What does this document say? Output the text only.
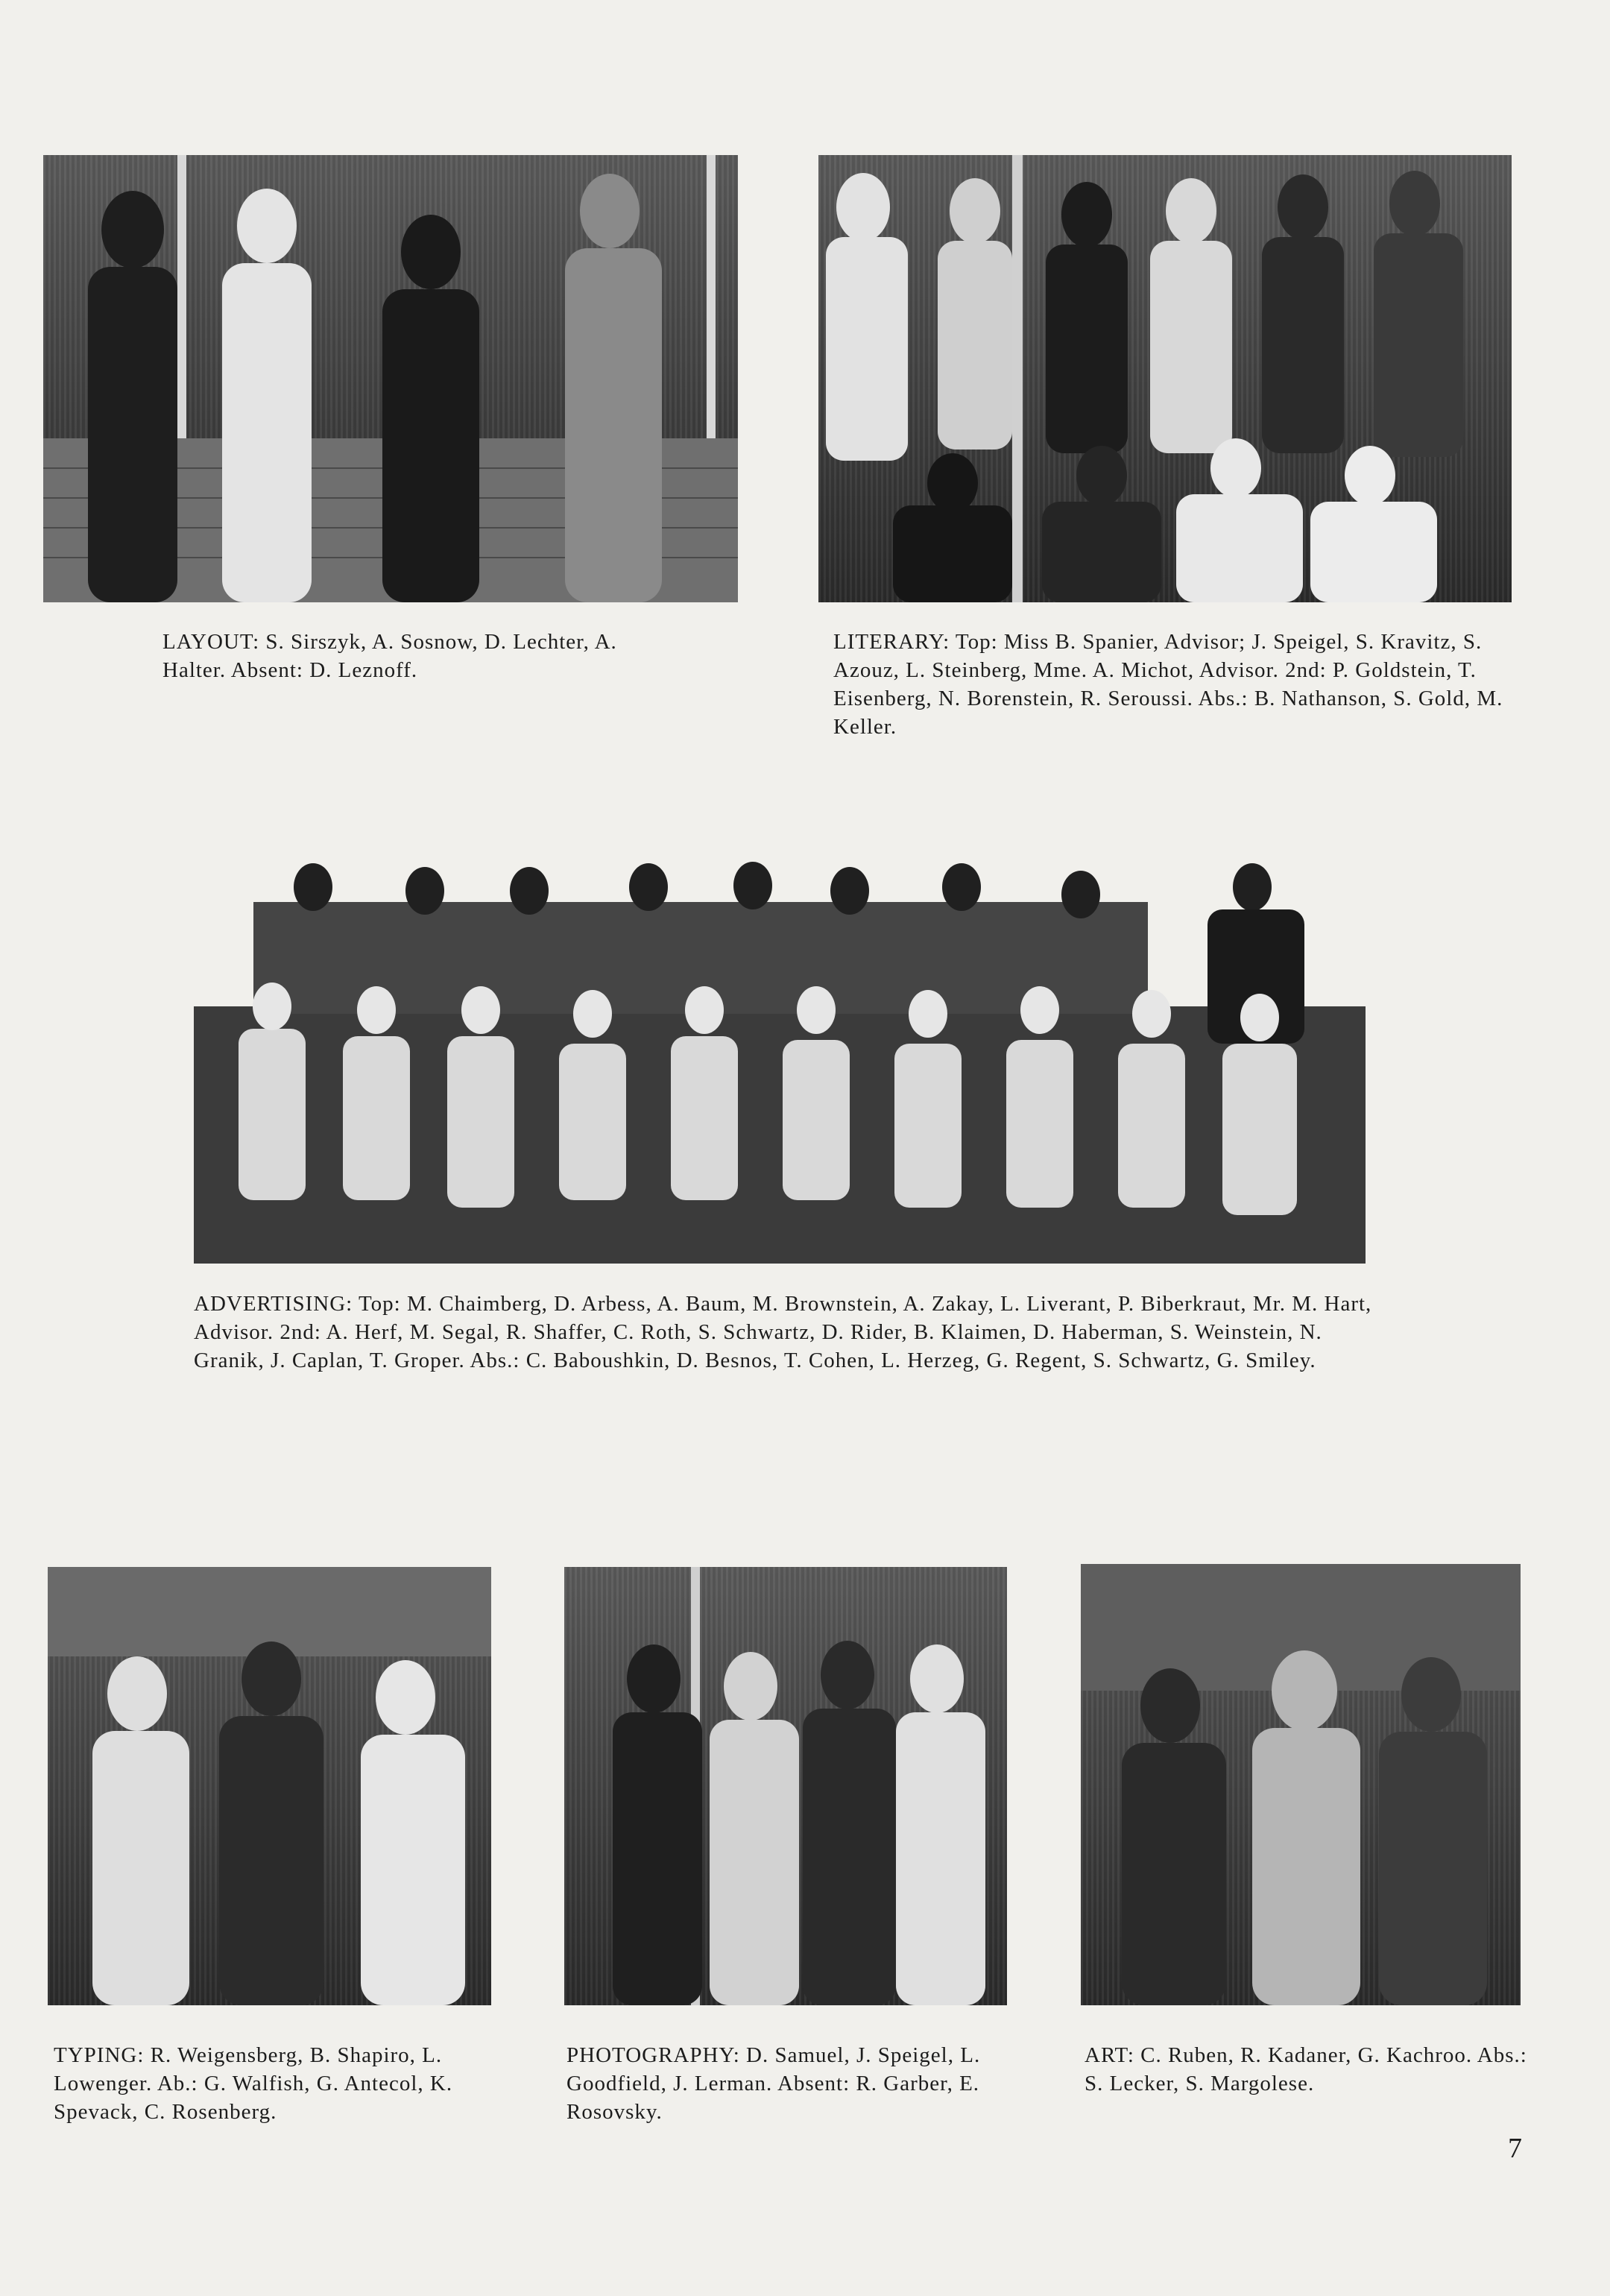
LAYOUT: S. Sirszyk, A. Sosnow, D. Lechter, A. Halter. Absent: D. Leznoff.

LITERARY: Top: Miss B. Spanier, Advisor; J. Speigel, S. Kravitz, S. Azouz, L. Steinberg, Mme. A. Michot, Advisor. 2nd: P. Goldstein, T. Eisenberg, N. Borenstein, R. Seroussi. Abs.: B. Nathanson, S. Gold, M. Keller.

ADVERTISING: Top: M. Chaimberg, D. Arbess, A. Baum, M. Brownstein, A. Zakay, L. Liverant, P. Biberkraut, Mr. M. Hart, Advisor. 2nd: A. Herf, M. Segal, R. Shaffer, C. Roth, S. Schwartz, D. Rider, B. Klaimen, D. Haberman, S. Weinstein, N. Granik, J. Caplan, T. Groper. Abs.: C. Baboushkin, D. Besnos, T. Cohen, L. Herzeg, G. Regent, S. Schwartz, G. Smiley.

TYPING: R. Weigensberg, B. Shapiro, L. Lowenger. Ab.: G. Walfish, G. Antecol, K. Spevack, C. Rosenberg.

PHOTOGRAPHY: D. Samuel, J. Speigel, L. Goodfield, J. Lerman. Absent: R. Garber, E. Rosovsky.

ART: C. Ruben, R. Kadaner, G. Kachroo. Abs.: S. Lecker, S. Margolese.

7
